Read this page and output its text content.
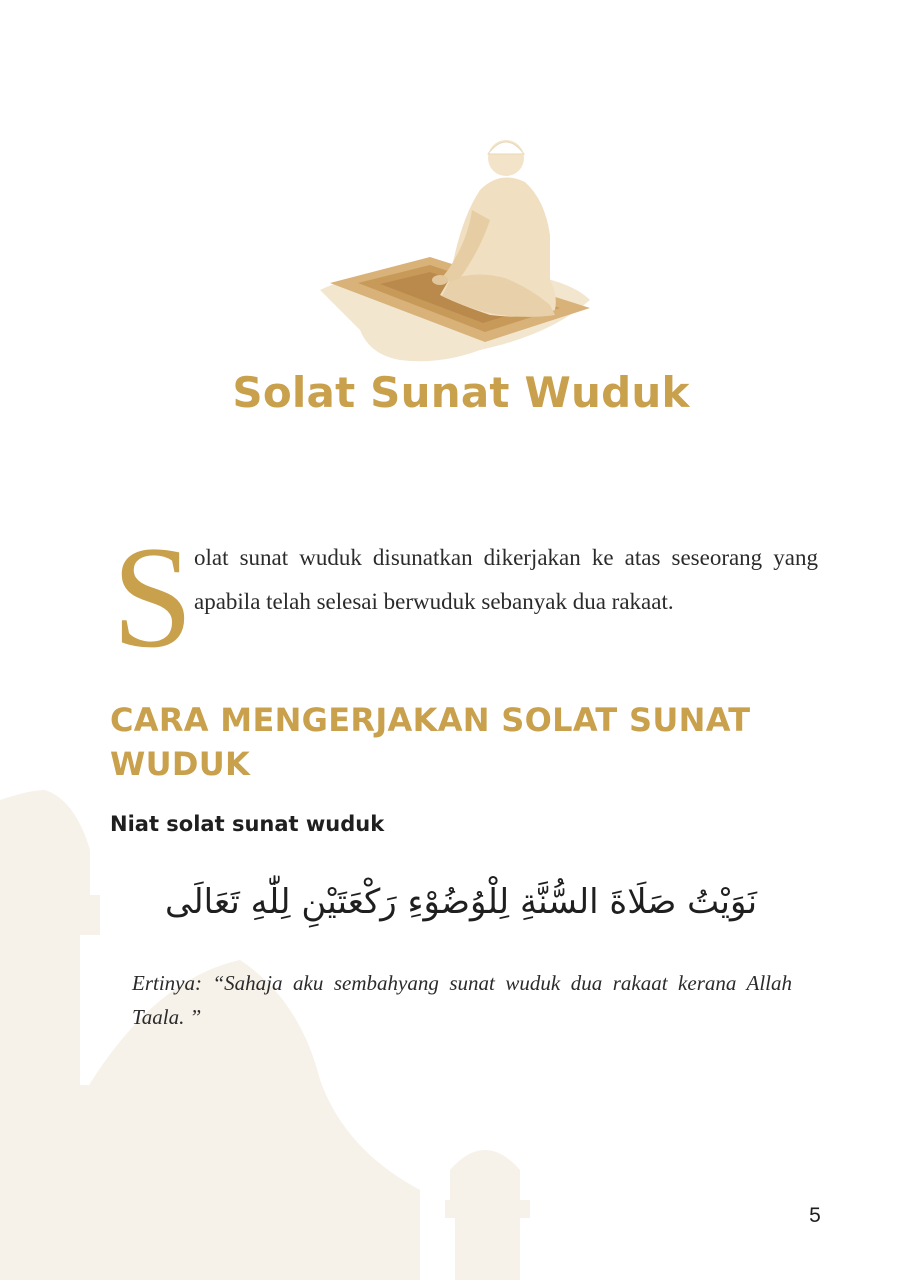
Solat Sunat Wuduk
S olat sunat wuduk disunatkan dikerjakan ke atas seseorang yang apabila telah selesai berwuduk sebanyak dua rakaat.

CARA MENGERJAKAN SOLAT SUNAT WUDUK
Niat solat sunat wuduk
نَوَيْتُ صَلَاةَ السُّنَّةِ لِلْوُضُوْءِ رَكْعَتَيْنِ لِلّٰهِ تَعَالَى

Ertinya: “Sahaja aku sembahyang sunat wuduk dua rakaat kerana Allah Taala. ”

5
